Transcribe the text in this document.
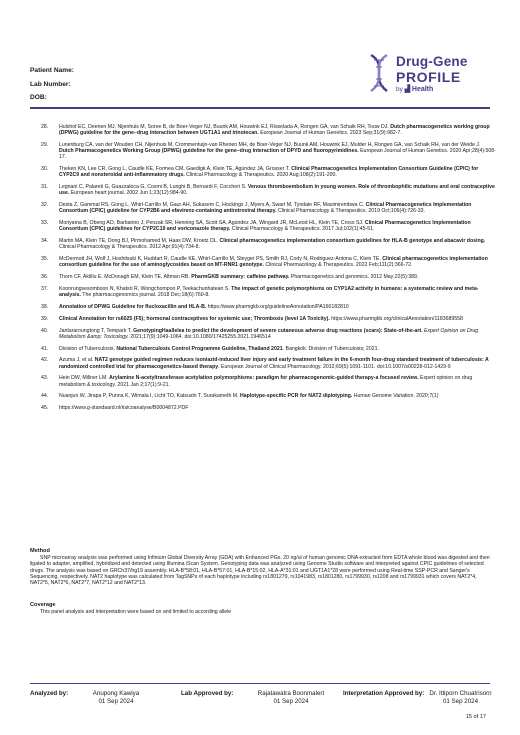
Patient Name:
Lab Number:
DOB:
Drug-Gene
PROFILE
by ▟ Health
28.	Hulshof EC, Deenen MJ, Nijenhuis M, Soree B, de Boer-Veger NJ, Buunk AM, Houwink EJ, Risselada A, Rongen GA, van Schaik RH, Touw DJ. Dutch pharmacogenetics working group (DPWG) guideline for the gene–drug interaction between UGT1A1 and irinotecan. European Journal of Human Genetics. 2023 Sep;31(9):982-7.
29.	Lunenburg CA, van der Wouden CH, Nijenhuis M, Crommentuijn-van Rhenen MH, de Boer-Veger NJ, Buunk AM, Houwink EJ, Mulder H, Rongen GA, van Schaik RH, van der Weide J. Dutch Pharmacogenetics Working Group (DPWG) guideline for the gene–drug interaction of DPYD and fluoropyrimidines. European Journal of Human Genetics. 2020 Apr;28(4):508-17.
30.	Theken KN, Lee CR, Gong L, Caudle KE, Formea CM, Gaedigk A, Klein TE, Agúndez JA, Grosser T. Clinical Pharmacogenetics Implementation Consortium Guideline (CPIC) for CYP2C9 and nonsteroidal anti-inflammatory drugs. Clinical Pharmacology & Therapeutics. 2020 Aug;108(2):191-200.
31.	Legnani C, Palareti G, Guazzaloca G, Cosmi B, Lunghi B, Bernardi F, Coccheri S. Venous thromboembolism in young women. Role of thrombophilic mutations and oral contraceptive use. European heart journal. 2002 Jun 1;23(12):984-90.
32.	Desta Z, Gammal RS, Gong L, Whirl-Carrillo M, Gaur AH, Sukasem C, Hockings J, Myers A, Swart M, Tyndale RF, Masimirembwa C. Clinical Pharmacogenetics Implementation Consortium (CPIC) guideline for CYP2B6 and efavirenz-containing antiretroviral therapy. Clinical Pharmacology & Therapeutics. 2019 Oct;106(4):726-33.
33.	Moriyama B, Obeng AO, Barbarino J, Penzak SR, Henning SA, Scott SA, Agúndez JA, Wingard JR, McLeod HL, Klein TE, Cross SJ. Clinical Pharmacogenetics Implementation Consortium (CPIC) guidelines for CYP2C19 and voriconazole therapy. Clinical Pharmacology & Therapeutics. 2017 Jul;102(1):45-51.
34.	Martin MA, Klein TE, Dong BJ, Pirmohamed M, Haas DW, Kroetz DL. Clinical pharmacogenetics implementation consortium guidelines for HLA-B genotype and abacavir dosing. Clinical Pharmacology & Therapeutics. 2012 Apr;91(4):734-8.
35.	McDermott JH, Wolf J, Hoshitsuki K, Huddart R, Caudle KE, Whirl-Carrillo M, Steyger PS, Smith RJ, Cody N, Rodriguez-Antona C, Klein TE. Clinical pharmacogenetics implementation consortium guideline for the use of aminoglycosides based on MT-RNR1 genotype. Clinical Pharmacology & Therapeutics. 2022 Feb;111(2):366-72.
36.	Thorn CF, Aklillu E, McDonagh EM, Klein TE, Altman RB. PharmGKB summary: caffeine pathway. Pharmacogenetics and genomics. 2012 May;22(5):389.
37.	Koonrungsesomboon N, Khatsri R, Wongchompoo P, Teekachunhatean S. The impact of genetic polymorphisms on CYP1A2 activity in humans: a systematic review and meta-analysis. The pharmacogenomics journal. 2018 Dec;18(6):760-8.
38.	Annotation of DPWG Guideline for flucloxacillin and HLA-B. https://www.pharmgkb.org/guidelineAnnotation/PA166182810
39.	Clinical Annotation for rs6025 (F5); hormonal contraceptives for systemic use; Thrombosis (level 1A Toxicity). https://www.pharmgkb.org/clinicalAnnotation/1183689558
40.	Jantararoungtong T, Tempark T. GenotypingHaallelea to predict the development of severe cutaneous adverse drug reactions (scars): State-of-the-art. Expert Opinion on Drug Metabolism &amp; Toxicology. 2021;17(9):1049-1064. doi:10.1080/17425255.2021.1946514
41.	Division of Tuberculosis. National Tuberculosis Control Programme Guideline, Thailand 2021. Bangkok: Division of Tuberculosis; 2021.
42.	Azuma J, et al. NAT2 genotype guided regimen reduces isoniazid-induced liver injury and early treatment failure in the 6-month four-drug standard treatment of tuberculosis: A randomized controlled trial for pharmacogenetics-based therapy. European Journal of Clinical Pharmacology. 2012;69(5):1091-1101. doi:10.1007/s00228-012-1429-9
43.	Hein DW, Millner LM. Arylamine N-acetyltransferase acetylation polymorphisms: paradigm for pharmacogenomic-guided therapy-a focused review. Expert opinion on drug metabolism & toxicology. 2021 Jan 2;17(1):9-21.
44.	Nuanjun W, Jirapa P, Punna K, Wimala I, Licht TO, Katsushi T, Surakameth M. Haplotype-specific PCR for NAT2 diplotyping. Human Genome Variation. 2020;7(1)
45.	https://www.g-standaard.nl/risicoanalyse/B0004872.PDF
Method
SNP microarray analysis was performed using Infinium Global Diversity Array (GDA) with Enhanced PGx. 20 ng/ul of human genomic DNA extracted from EDTA whole blood was digested and then ligated to adapter, amplified, hybridized and detected using Illumina iScan System. Genotyping data was analyzed using Genome Studio software and interpreted against CPIC guidelines of selected drugs. The analysis was based on GRCh37/hg19 assembly. HLA-B*58:01, HLA-B*57:01, HLA-B*15:02, HLA-A*31:01 and UGT1A1*28 were performed using Real-time SSP-PCR and Sanger's Sequencing, respectively. NAT2 haplotype was calculated from TagSNPs of each haplotype including rs1801279, rs1041983, rs1801280, rs1799930, rs1208 and rs1799931 which covers NAT2*4, NAT2*5, NAT2*6, NAT2*7, NAT2*12 and NAT2*13.
Coverage
This panel analysis and interpretation were based on and limited to according allele
Analyzed by:	Anupong Kawiya
01 Sep 2024
Lab Approved by:	Rajatawatra Boonmalert
01 Sep 2024
Interpretation Approved by: Dr. Ittiporn Chuatrisorn
01 Sep 2024
15 of 17
